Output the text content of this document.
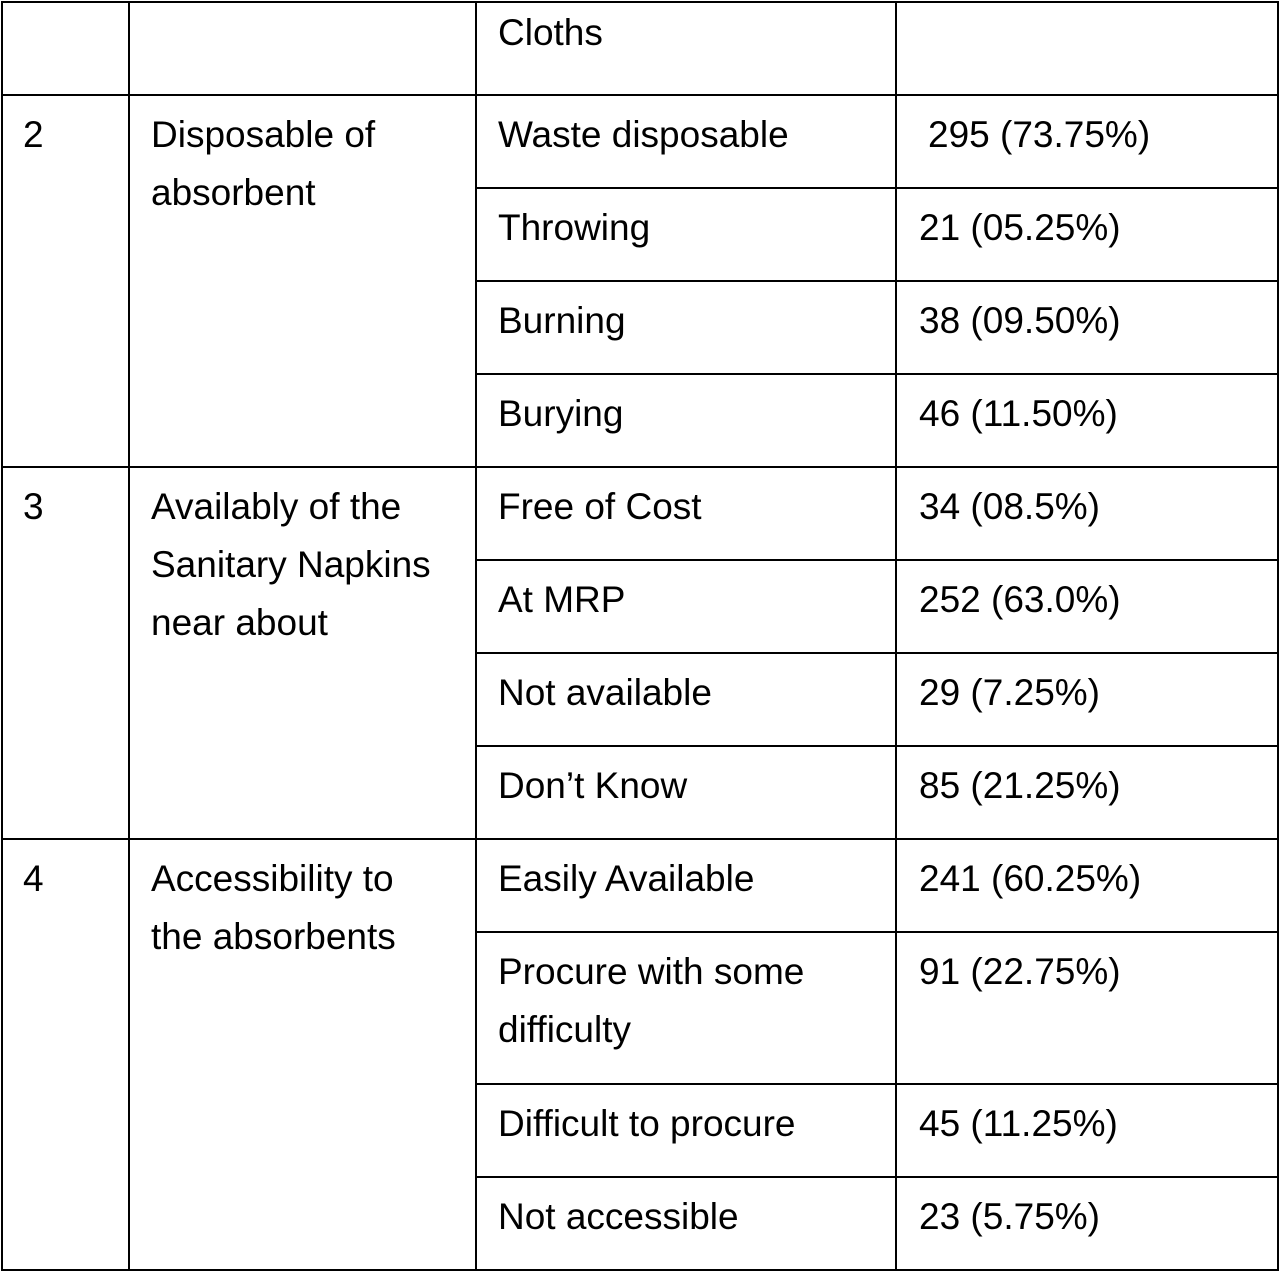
		Cloths	
2	Disposable of absorbent	Waste disposable	295 (73.75%)
		Throwing	21 (05.25%)
		Burning	38 (09.50%)
		Burying	46 (11.50%)
3	Availably of the Sanitary Napkins near about	Free of Cost	34 (08.5%)
		At MRP	252 (63.0%)
		Not available	29 (7.25%)
		Don’t Know	85 (21.25%)
4	Accessibility to the absorbents	Easily Available	241 (60.25%)
		Procure with some difficulty	91 (22.75%)
		Difficult to procure	45 (11.25%)
		Not accessible	23 (5.75%)
